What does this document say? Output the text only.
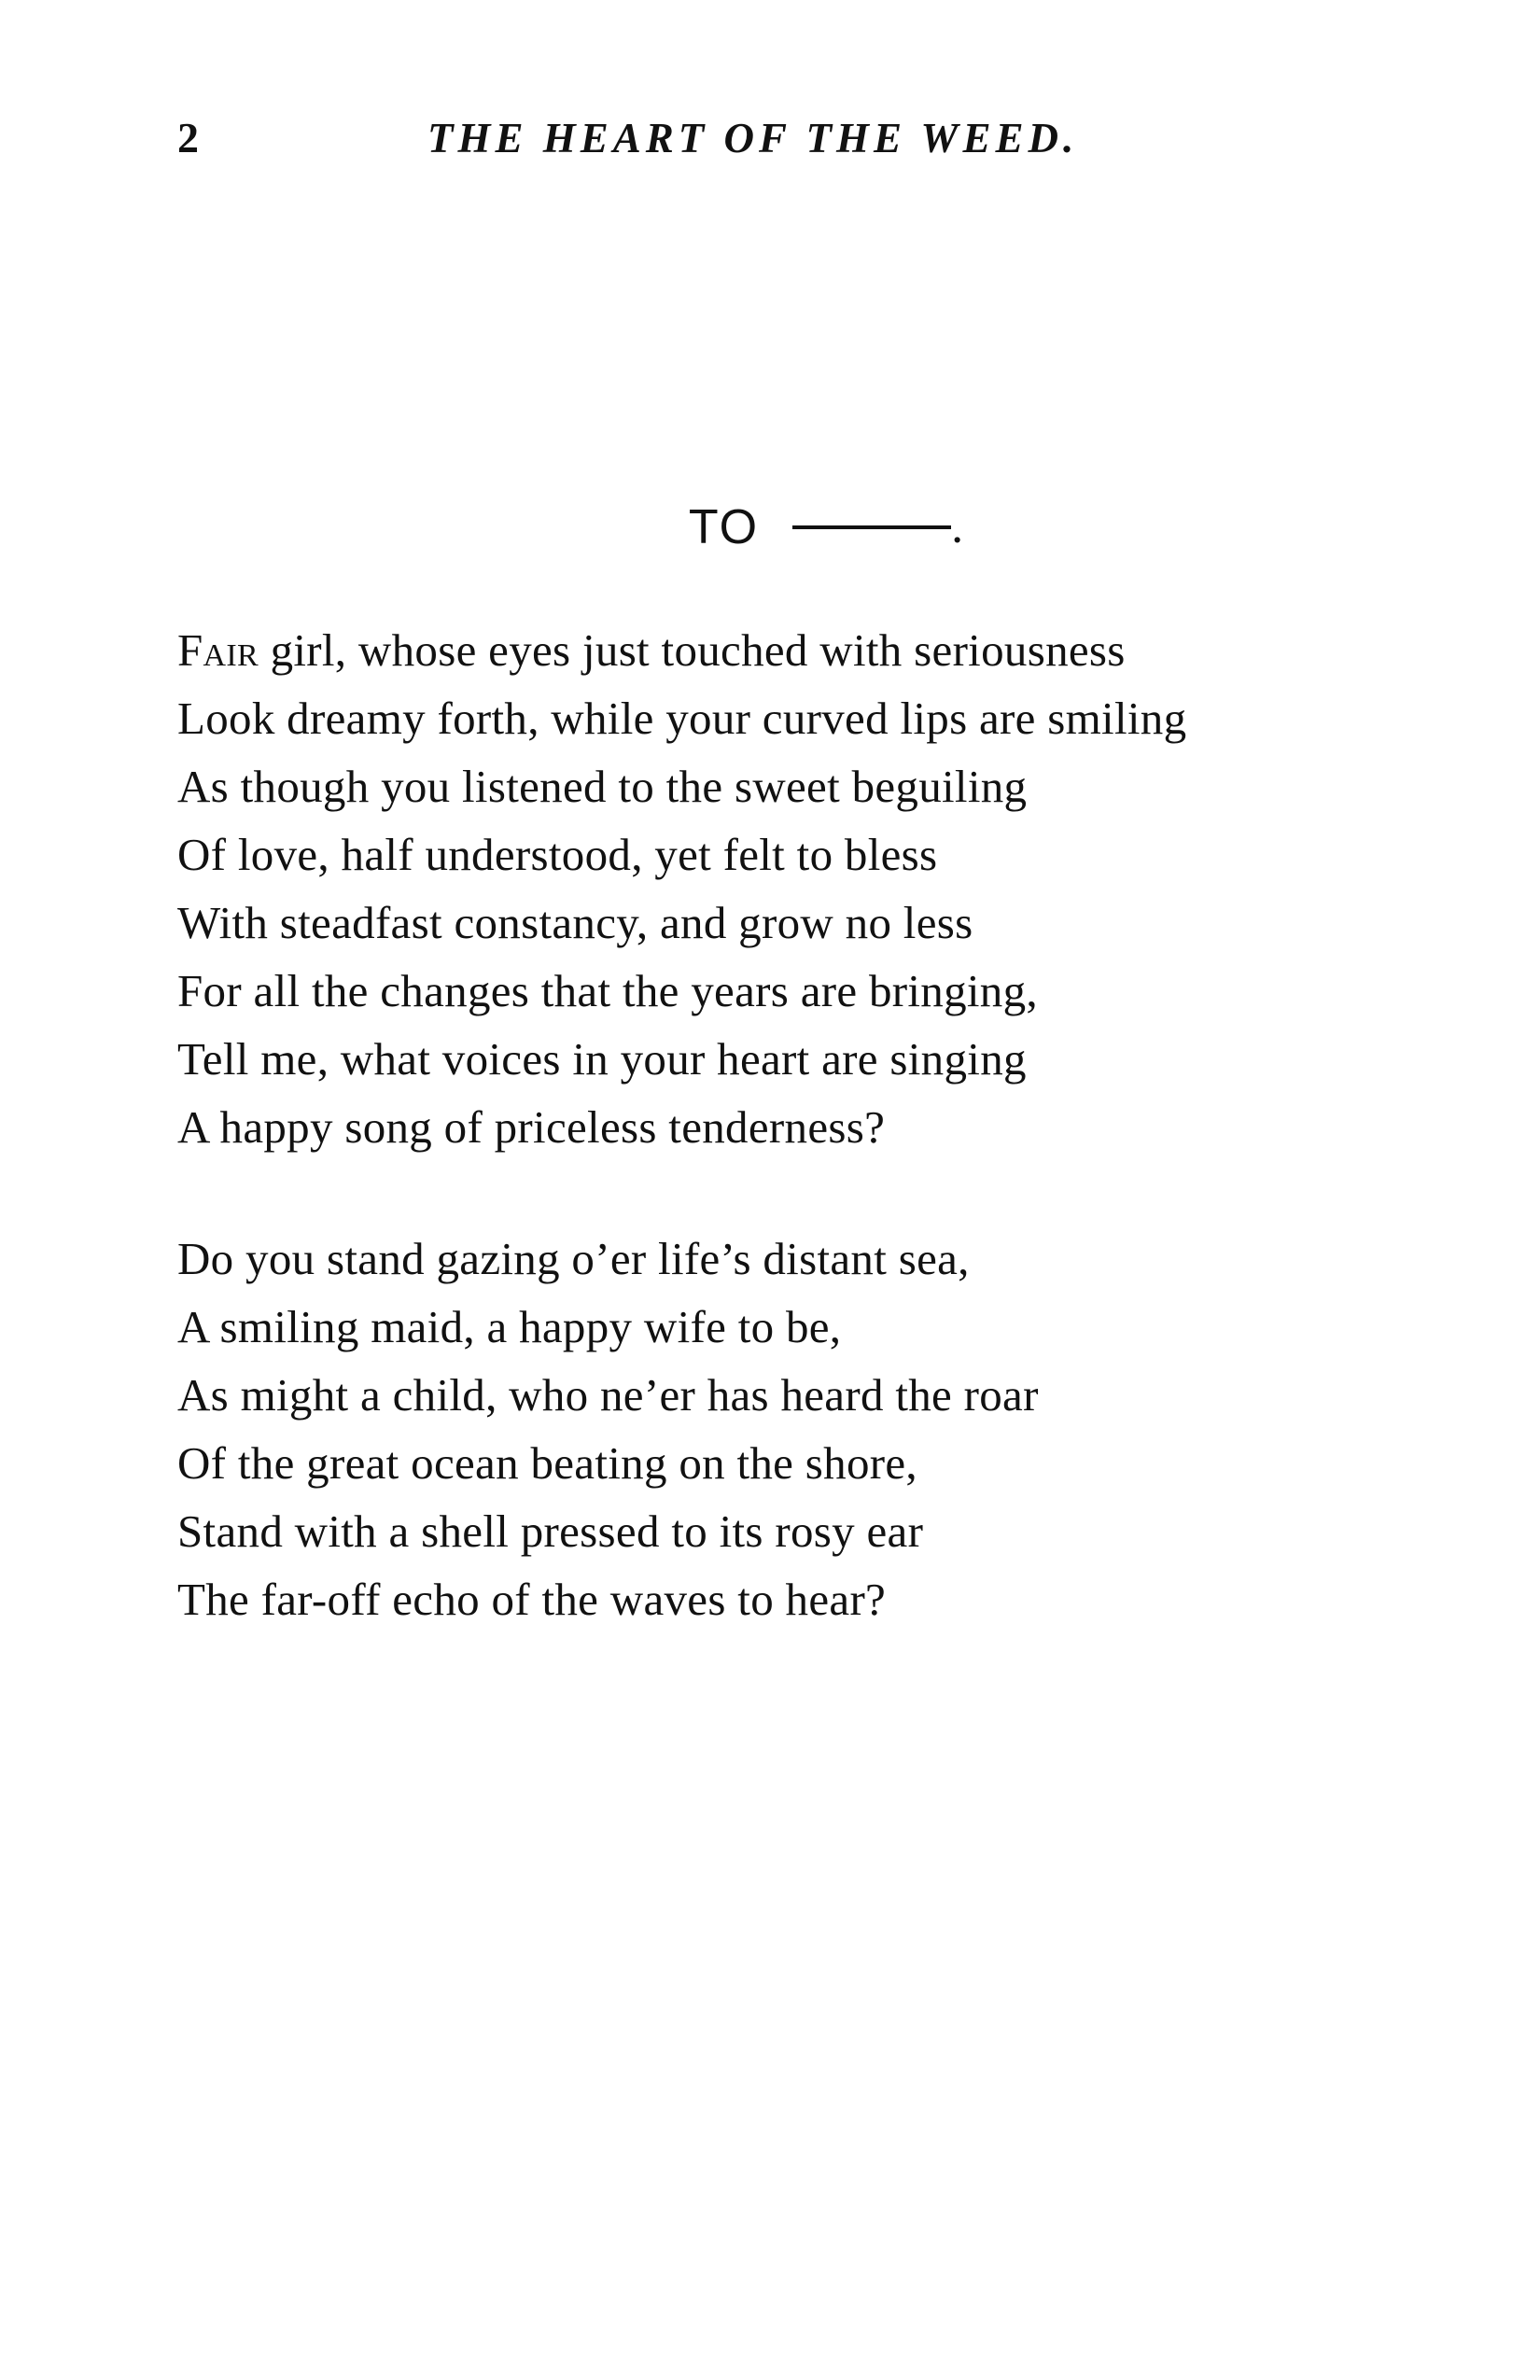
2	THE HEART OF THE WEED.
TO	.
Fair girl, whose eyes just touched with seriousness
Look dreamy forth, while your curved lips are smiling
As though you listened to the sweet beguiling
Of love, half understood, yet felt to bless
With steadfast constancy, and grow no less
For all the changes that the years are bringing,
Tell me, what voices in your heart are singing
A happy song of priceless tenderness?
Do you stand gazing o’er life’s distant sea,
A smiling maid, a happy wife to be,
As might a child, who ne’er has heard the roar
Of the great ocean beating on the shore,
Stand with a shell pressed to its rosy ear
The far-off echo of the waves to hear?
